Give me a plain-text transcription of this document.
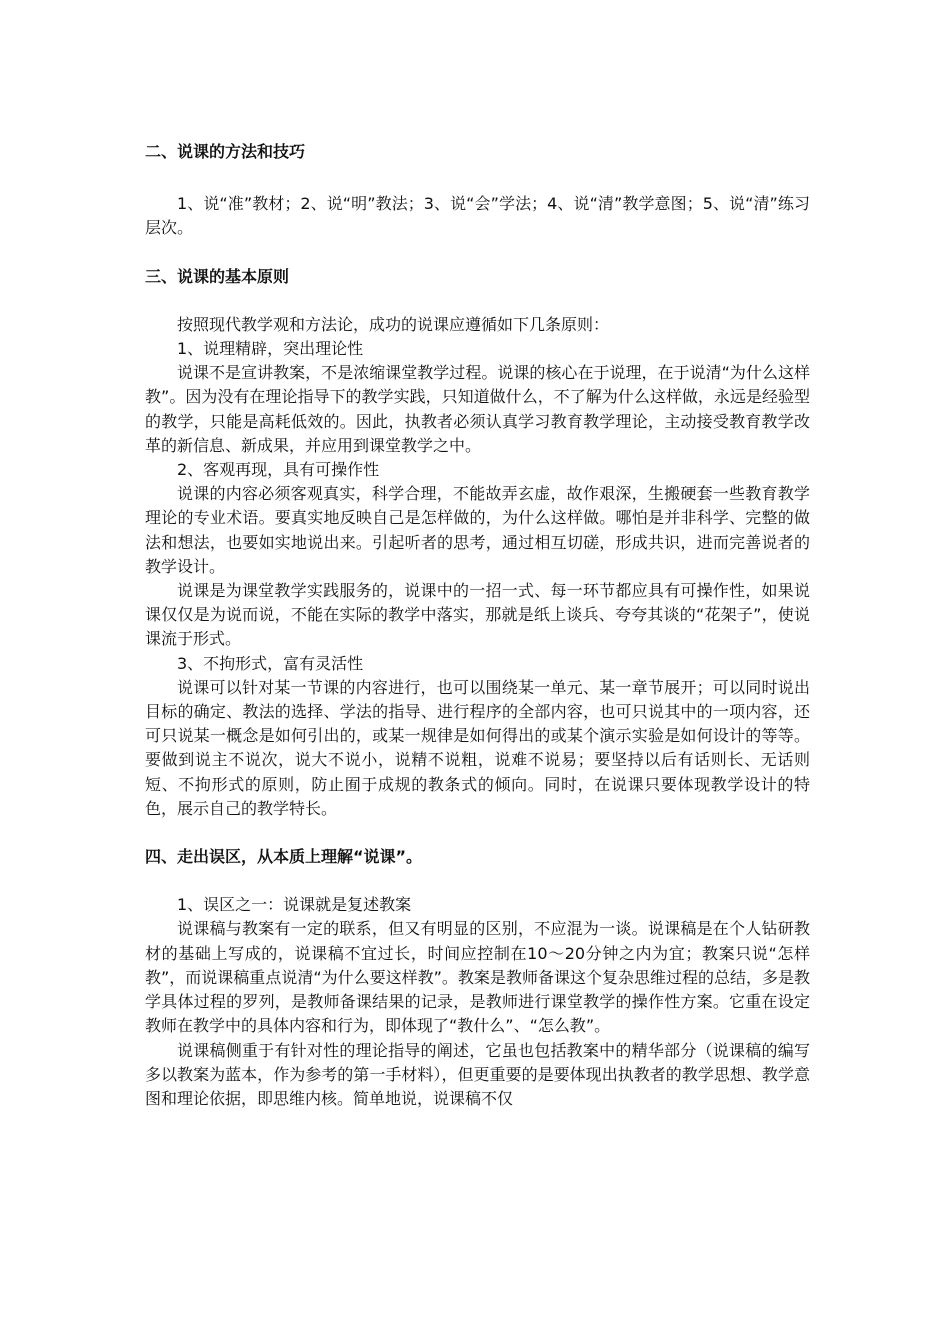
二、说课的方法和技巧

1、说“准”教材；2、说“明”教法；3、说“会”学法；4、说“清”教学意图；5、说“清”练习层次。

三、说课的基本原则

按照现代教学观和方法论，成功的说课应遵循如下几条原则：

1、说理精辟，突出理论性

说课不是宣讲教案，不是浓缩课堂教学过程。说课的核心在于说理，在于说清“为什么这样教”。因为没有在理论指导下的教学实践，只知道做什么，不了解为什么这样做，永远是经验型的教学，只能是高耗低效的。因此，执教者必须认真学习教育教学理论，主动接受教育教学改革的新信息、新成果，并应用到课堂教学之中。

2、客观再现，具有可操作性

说课的内容必须客观真实，科学合理，不能故弄玄虚，故作艰深，生搬硬套一些教育教学理论的专业术语。要真实地反映自己是怎样做的，为什么这样做。哪怕是并非科学、完整的做法和想法，也要如实地说出来。引起听者的思考，通过相互切磋，形成共识，进而完善说者的教学设计。

说课是为课堂教学实践服务的，说课中的一招一式、每一环节都应具有可操作性，如果说课仅仅是为说而说，不能在实际的教学中落实，那就是纸上谈兵、夸夸其谈的“花架子”，使说课流于形式。

3、不拘形式，富有灵活性

说课可以针对某一节课的内容进行，也可以围绕某一单元、某一章节展开；可以同时说出目标的确定、教法的选择、学法的指导、进行程序的全部内容，也可只说其中的一项内容，还可只说某一概念是如何引出的，或某一规律是如何得出的或某个演示实验是如何设计的等等。要做到说主不说次，说大不说小，说精不说粗，说难不说易；要坚持以后有话则长、无话则短、不拘形式的原则，防止囿于成规的教条式的倾向。同时，在说课只要体现教学设计的特色，展示自己的教学特长。

四、走出误区，从本质上理解“说课”。

1、误区之一：说课就是复述教案

说课稿与教案有一定的联系，但又有明显的区别，不应混为一谈。说课稿是在个人钻研教材的基础上写成的，说课稿不宜过长，时间应控制在10～20分钟之内为宜；教案只说“怎样教”，而说课稿重点说清“为什么要这样教”。教案是教师备课这个复杂思维过程的总结，多是教学具体过程的罗列，是教师备课结果的记录，是教师进行课堂教学的操作性方案。它重在设定教师在教学中的具体内容和行为，即体现了“教什么”、“怎么教”。

说课稿侧重于有针对性的理论指导的阐述，它虽也包括教案中的精华部分（说课稿的编写多以教案为蓝本，作为参考的第一手材料），但更重要的是要体现出执教者的教学思想、教学意图和理论依据，即思维内核。简单地说，说课稿不仅
